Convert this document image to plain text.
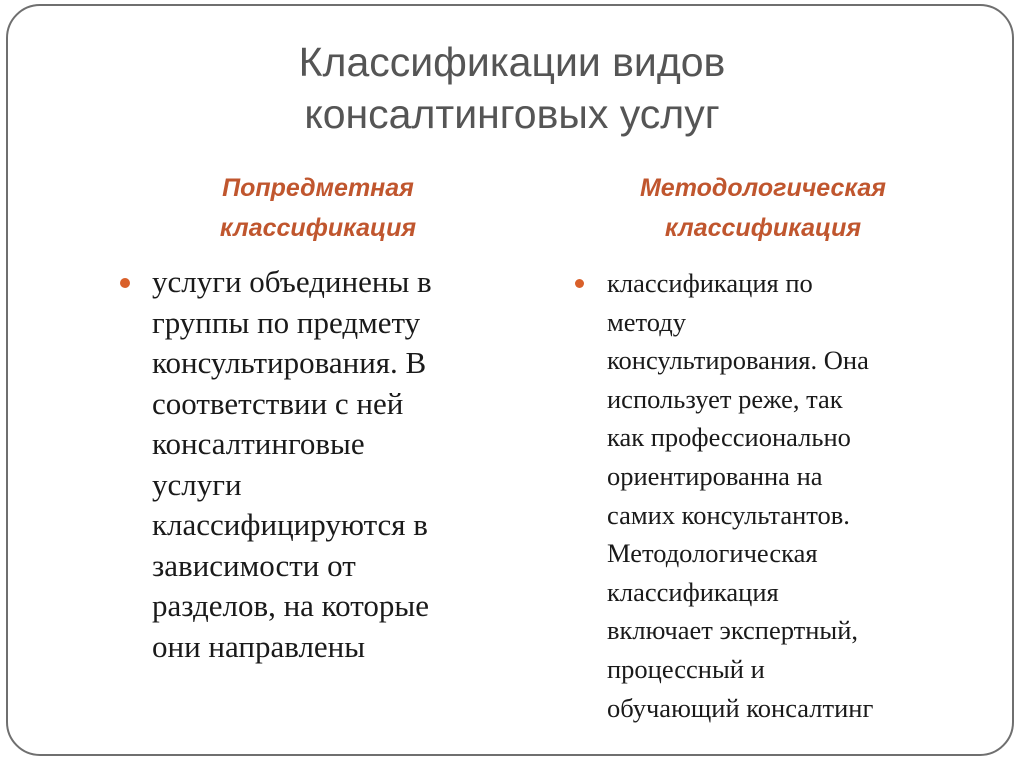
Классификации видов
консалтинговых услуг
Попредметная
классификация
Методологическая
классификация
услуги объединены в
группы по предмету
консультирования. В
соответствии с ней
консалтинговые
услуги
классифицируются в
зависимости от
разделов, на которые
они направлены
классификация по
методу
консультирования. Она
использует реже, так
как профессионально
ориентированна на
самих консультантов.
Методологическая
классификация
включает экспертный,
процессный и
обучающий консалтинг
